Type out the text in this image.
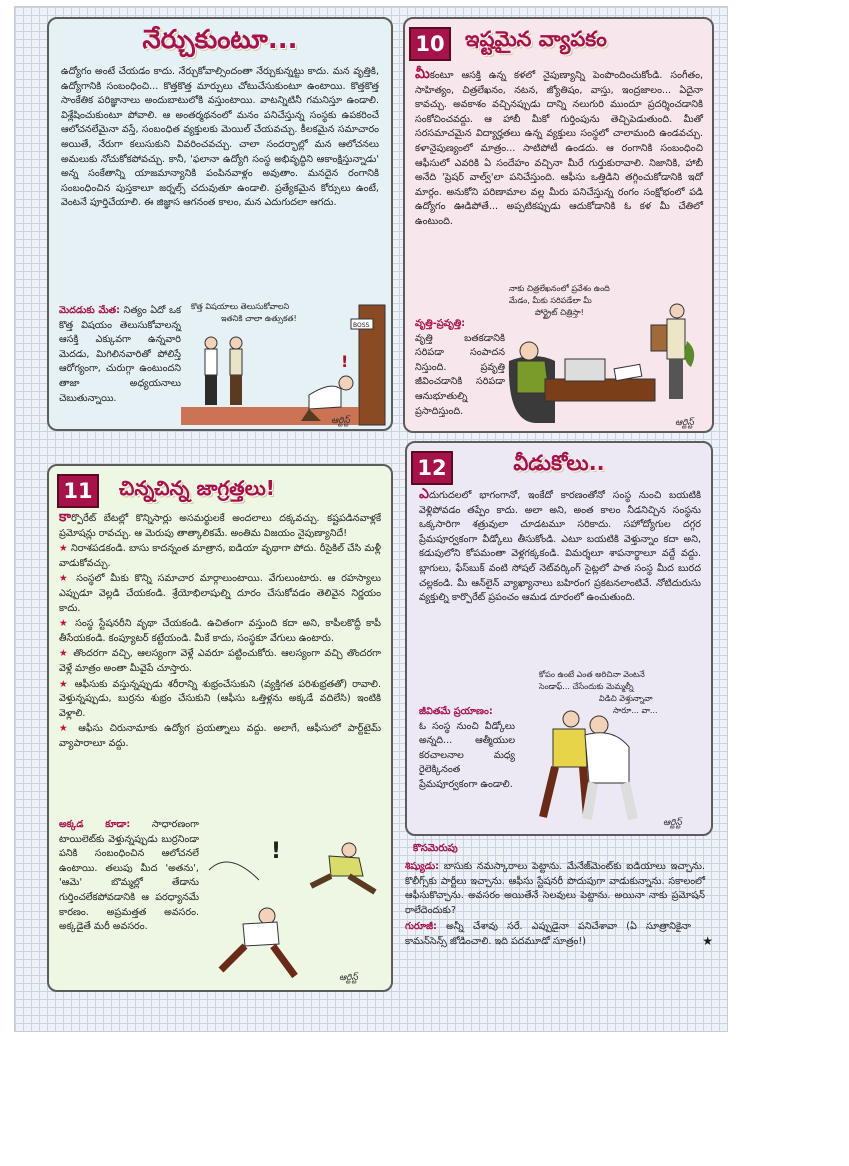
నేర్చుకుంటూ...
ఉద్యోగం అంటే చేయడం కాదు. నేర్చుకోవాల్సిందంతా నేర్చుకున్నట్టు కాదు. మన వృత్తికి, ఉద్యోగానికి సంబంధించి... కొత్తకొత్త మార్పులు చోటుచేసుకుంటూ ఉంటాయి. కొత్తకొత్త సాంకేతిక పరిజ్ఞానాలు అందుబాటులోకి వస్తుంటాయి. వాటన్నిటినీ గమనిస్తూ ఉండాలి. విశ్లేషించుకుంటూ పోవాలి. ఆ అంతర్మథనంలో మనం పనిచేస్తున్న సంస్థకు ఉపకరించే ఆలోచనలేమైనా వస్తే, సంబంధిత వ్యక్తులకు మెయిల్ చేయవచ్చు. కీలకమైన సమాచారం అయితే, నేరుగా కలుసుకుని వివరించవచ్చు. చాలా సందర్భాల్లో మన ఆలోచనలు అమలుకు నోచుకోకపోవచ్చు. కానీ, 'ఫలానా ఉద్యోగి సంస్థ అభివృద్ధిని ఆకాంక్షిస్తున్నాడు' అన్న సంకేతాన్ని యాజమాన్యానికి పంపినవాళ్లం అవుతాం. మనదైన రంగానికి సంబంధించిన పుస్తకాలూ జర్నల్స్ చదువుతూ ఉండాలి. ప్రత్యేకమైన కోర్సులు ఉంటే, వెంటనే పూర్తిచేయాలి. ఈ జిజ్ఞాస ఆగనంత కాలం, మన ఎదుగుదలా ఆగదు.
మెదడుకు మేత: నిత్యం ఏదో ఒక కొత్త విషయం తెలుసుకోవాలన్న ఆసక్తి ఎక్కువగా ఉన్నవారి మెదడు, మిగిలినవారితో పోలిస్తే ఆరోగ్యంగా, చురుగ్గా ఉంటుందని తాజా అధ్యయనాలు చెబుతున్నాయి.
కొత్త విషయాలు తెలుసుకోవాలని
ఇతనికి చాలా ఉత్సుకత!
BOSS
!
ఆర్టిస్ట్
10 ఇష్టమైన వ్యాపకం
మీకంటూ ఆసక్తి ఉన్న కళలో నైపుణ్యాన్ని పెంపొందించుకోండి. సంగీతం, సాహిత్యం, చిత్రలేఖనం, నటన, జ్యోతిషం, వాస్తు, ఇంద్రజాలం... ఏదైనా కావచ్చు. అవకాశం వచ్చినప్పుడు దాన్ని నలుగురి ముందూ ప్రదర్శించడానికి సంకోచించవద్దు. ఆ హాబీ మీకో గుర్తింపును తెచ్చిపెడుతుంది. మీతో సరసమాచమైన విద్యార్హతలు ఉన్న వ్యక్తులు సంస్థలో చాలామంది ఉండవచ్చు. కళానైపుణ్యంలో మాత్రం... సాటిపోటీ ఉండదు. ఆ రంగానికి సంబంధించి ఆఫీసులో ఎవరికి ఏ సందేహం వచ్చినా మీరే గుర్తుకురావాలి. నిజానికి, హాబీ అనేది 'ప్రెషర్ వాల్వ్'లా పనిచేస్తుంది. ఆఫీసు ఒత్తిడిని తగ్గించుకోడానికి ఇదో మార్గం. అనుకోని పరిణామాల వల్ల మీరు పనిచేస్తున్న రంగం సంక్షోభంలో పడి ఉద్యోగం ఊడిపోతే... అప్పటికప్పుడు ఆదుకోడానికి ఓ కళ మీ చేతిలో ఉంటుంది.
వృత్తి-ప్రవృత్తి:
వృత్తి బతకడానికి సరిపడా సంపాదన నిస్తుంది. ప్రవృత్తి జీవించడానికి సరిపడా ఆనుభూతుల్ని ప్రసాదిస్తుంది.
నాకు చిత్రలేఖనంలో ప్రవేశం ఉంది
మేడం, మీకు సరిపడేలా మీ
పోర్ట్రైట్ చిత్రిస్తా!
ఆర్టిస్ట్
11	చిన్నచిన్న జాగ్రత్తలు!

కార్పొరేట్ బేటల్లో కొన్నిసార్లు అసమర్థులకే అందలాలు దక్కవచ్చు. కష్టపడినవాళ్లకే ప్రమోషన్లు రావచ్చు. ఆ మెరుపు తాత్కాలికమే. అంతిమ విజయం నైపుణ్యానిదే!

★ నిరాశపడకండి. బాసు కాదన్నంత మాత్రాన, ఐడియా వృథాగా పోదు. రీసైకిల్ చేసి మళ్లీ వాడుకోవచ్చు.

★ సంస్థలో మీకు కొన్ని సమాచార మార్గాలుంటాయి. వేగులుంటారు. ఆ రహస్యాలు ఎప్పుడూ వెల్లడి చేయకండి. శ్రేయోభిలాషుల్ని దూరం చేసుకోవడం తెలివైన నిర్ణయం కాదు.

★ సంస్థ స్టేషనరీని వృథా చేయకండి. ఉచితంగా వస్తుంది కదా అని, కాపీలకొద్దీ కాపీ తీసేయకండి. కంప్యూటర్ కట్టేయండి. మీకే కాదు, సంస్థకూ వేగులు ఉంటారు.

★ తొందరగా వచ్చి, ఆలస్యంగా వెళ్లే ఎవరూ పట్టించుకోరు. ఆలస్యంగా వచ్చి తొందరగా వెళ్లే మాత్రం అంతా మీవైపే చూస్తారు.

★ ఆఫీసుకు వస్తున్నప్పుడు శరీరాన్ని శుభ్రంచేసుకుని (వ్యక్తిగత పరిశుభ్రతతో) రావాలి. వెళ్తున్నప్పుడు, బుర్రను శుభ్రం చేసుకుని (ఆఫీసు ఒత్తిళ్లను అక్కడే వదిలేసి) ఇంటికి వెళ్లాలి.

★ ఆఫీసు చిరునామాకు ఉద్యోగ ప్రయత్నాలు వద్దు. అలాగే, ఆఫీసులో పార్ట్‌టైమ్ వ్యాపారాలూ వద్దు.

అక్కడ కూడా: సాధారణంగా టాయిలెట్‌కు వెళ్తున్నప్పుడు బుర్రనిండా పనికి సంబంధించిన ఆలోచనలే ఉంటాయి. తలుపు మీద 'అతను', 'ఆమె' బొమ్మల్లో తేడాను గుర్తించలేకపోవడానికి ఆ పరధ్యానమే కారణం. అప్రమత్తత అవసరం. అక్కడైతే మరీ అవసరం.
!
ఆర్టిస్ట్
12	వీడుకోలు..
ఎదుగుదలలో భాగంగానో, ఇంకేదో కారణంతోనో సంస్థ నుంచి బయటికి వెళ్లిపోవడం తప్పేం కాదు. అలా అని, అంత కాలం నీడనిచ్చిన సంస్థను ఒక్కసారిగా శత్రువులా చూడటమూ సరికాదు. సహోద్యోగుల దగ్గర ప్రేమపూర్వకంగా వీడ్కోలు తీసుకోండి. ఎటూ బయటికి వెళ్తున్నాం కదా అని, కడుపులోని కోపమంతా వెళ్లగక్కకండి. విమర్శలూ శాపనార్థాలూ వద్దే వద్దు. బ్లాగులు, ఫేస్‌బుక్ వంటి సోషల్ నెట్‌వర్కింగ్ సైట్లలో పాత సంస్థ మీద బురద చల్లకండి. మీ ఆన్‌లైన్ వ్యాఖ్యానాలు బహిరంగ ప్రకటనలాంటివే. నోటిదురుసు వ్యక్తుల్ని కార్పొరేట్ ప్రపంచం ఆమడ దూరంలో ఉంచుతుంది.
జీవితమే ప్రయాణం:
ఓ సంస్థ నుంచి వీడ్కోలు అన్నది... ఆత్మీయుల కరచాలనాల మధ్య రైలెక్కినంత ప్రేమపూర్వకంగా ఉండాలి.
కోపం ఉంటే ఎంత అరిచినా వెంటనే
సెండాఫ్... చేసేందుకు మెమ్మల్నీ
విడిచి వెళ్తున్నావా
సారూ... వా...
ఆర్టిస్ట్
కొసమెరుపు
శిష్యుడు: బాసుకు నమస్కారాలు పెట్టాను. మేనేజ్‌మెంట్‌కు ఐడియాలు ఇచ్చాను. కొలీగ్స్‌కు పార్టీలు ఇచ్చాను. ఆఫీసు స్టేషనరీ పొదుపుగా వాడుకున్నాను. సకాలంలో ఆఫీసుకొచ్చాను. అవసరం అయితేనే సెలవులు పెట్టాను. అయినా నాకు ప్రమోషన్ రాలేదెందుకు?
గురూజీ: అన్నీ చేశావు సరే. ఎప్పుడైనా పనిచేశావా (ఏ సూత్రానికైనా కామన్‌సెన్స్ జోడించాలి. ఇది పదమూడో సూత్రం!)	★
